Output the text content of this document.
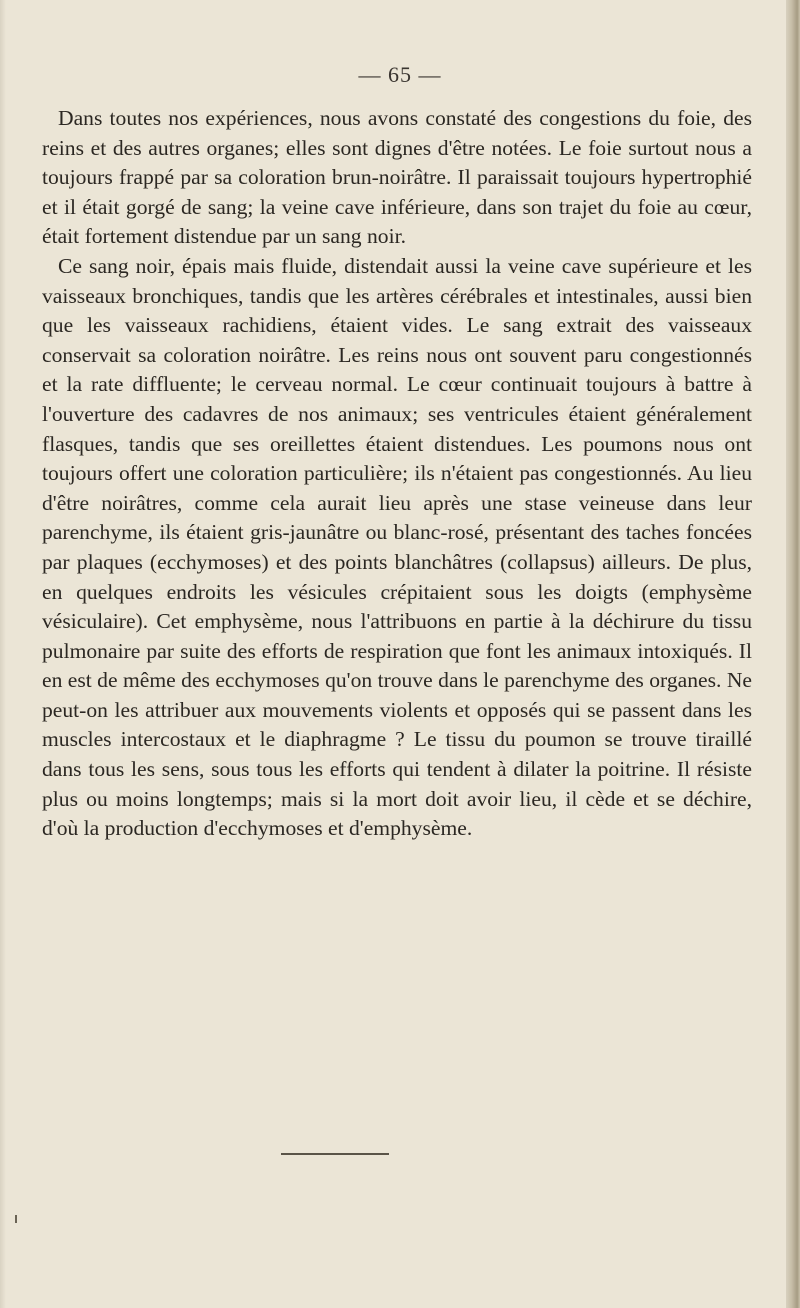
— 65 —

Dans toutes nos expériences, nous avons constaté des congestions du foie, des reins et des autres organes; elles sont dignes d'être notées. Le foie surtout nous a toujours frappé par sa coloration brun-noirâtre. Il paraissait toujours hypertrophié et il était gorgé de sang; la veine cave inférieure, dans son trajet du foie au cœur, était fortement distendue par un sang noir.

Ce sang noir, épais mais fluide, distendait aussi la veine cave supérieure et les vaisseaux bronchiques, tandis que les artères cérébrales et intestinales, aussi bien que les vaisseaux rachidiens, étaient vides. Le sang extrait des vaisseaux conservait sa coloration noirâtre. Les reins nous ont souvent paru congestionnés et la rate diffluente; le cerveau normal. Le cœur continuait toujours à battre à l'ouverture des cadavres de nos animaux; ses ventricules étaient généralement flasques, tandis que ses oreillettes étaient distendues. Les poumons nous ont toujours offert une coloration particulière; ils n'étaient pas congestionnés. Au lieu d'être noirâtres, comme cela aurait lieu après une stase veineuse dans leur parenchyme, ils étaient gris-jaunâtre ou blanc-rosé, présentant des taches foncées par plaques (ecchymoses) et des points blanchâtres (collapsus) ailleurs. De plus, en quelques endroits les vésicules crépitaient sous les doigts (emphysème vésiculaire). Cet emphysème, nous l'attribuons en partie à la déchirure du tissu pulmonaire par suite des efforts de respiration que font les animaux intoxiqués. Il en est de même des ecchymoses qu'on trouve dans le parenchyme des organes. Ne peut-on les attribuer aux mouvements violents et opposés qui se passent dans les muscles intercostaux et le diaphragme ? Le tissu du poumon se trouve tiraillé dans tous les sens, sous tous les efforts qui tendent à dilater la poitrine. Il résiste plus ou moins longtemps; mais si la mort doit avoir lieu, il cède et se déchire, d'où la production d'ecchymoses et d'emphysème.
